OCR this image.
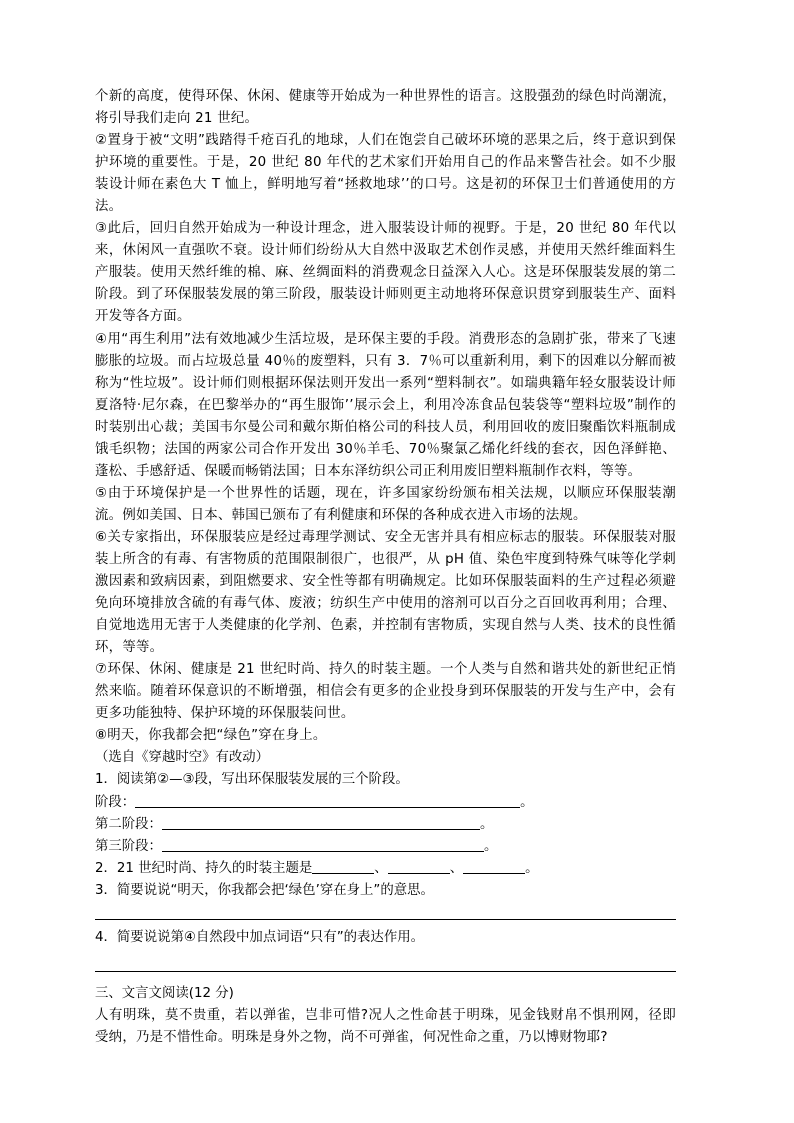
个新的高度，使得环保、休闲、健康等开始成为一种世界性的语言。这股强劲的绿色时尚潮流，将引导我们走向 21 世纪。

②置身于被“文明”践踏得千疮百孔的地球，人们在饱尝自己破坏环境的恶果之后，终于意识到保护环境的重要性。于是，20 世纪 80 年代的艺术家们开始用自己的作品来警告社会。如不少服装设计师在素色大 T 恤上，鲜明地写着“拯救地球’’的口号。这是初的环保卫士们普通使用的方法。

③此后，回归自然开始成为一种设计理念，进入服装设计师的视野。于是，20 世纪 80 年代以来，休闲风一直强吹不衰。设计师们纷纷从大自然中汲取艺术创作灵感，并使用天然纤维面料生产服装。使用天然纤维的棉、麻、丝绸面料的消费观念日益深入人心。这是环保服装发展的第二阶段。到了环保服装发展的第三阶段，服装设计师则更主动地将环保意识贯穿到服装生产、面料开发等各方面。

④用“再生利用”法有效地减少生活垃圾，是环保主要的手段。消费形态的急剧扩张，带来了飞速膨胀的垃圾。而占垃圾总量 40％的废塑料，只有 3．7％可以重新利用，剩下的因难以分解而被称为“性垃圾”。设计师们则根据环保法则开发出一系列“塑料制衣”。如瑞典籍年轻女服装设计师夏洛特·尼尔森，在巴黎举办的“再生服饰’’展示会上，利用冷冻食品包装袋等“塑料垃圾”制作的时装别出心裁；美国韦尔曼公司和戴尔斯伯格公司的科技人员，利用回收的废旧聚酯饮料瓶制成饿毛织物；法国的两家公司合作开发出 30％羊毛、70％聚氯乙烯化纤线的套衣，因色泽鲜艳、蓬松、手感舒适、保暖而畅销法国；日本东泽纺织公司正利用废旧塑料瓶制作衣料，等等。

⑤由于环境保护是一个世界性的话题，现在，许多国家纷纷颁布相关法规，以顺应环保服装潮流。例如美国、日本、韩国已颁布了有利健康和环保的各种成衣进入市场的法规。

⑥关专家指出，环保服装应是经过毒理学测试、安全无害并具有相应标志的服装。环保服装对服装上所含的有毒、有害物质的范围限制很广，也很严，从 pH 值、染色牢度到特殊气味等化学刺激因素和致病因素，到阻燃要求、安全性等都有明确规定。比如环保服装面料的生产过程必须避免向环境排放含硫的有毒气体、废液；纺织生产中使用的溶剂可以百分之百回收再利用；合理、自觉地选用无害于人类健康的化学剂、色素，并控制有害物质，实现自然与人类、技术的良性循环，等等。

⑦环保、休闲、健康是 21 世纪时尚、持久的时装主题。一个人类与自然和谐共处的新世纪正悄然来临。随着环保意识的不断增强，相信会有更多的企业投身到环保服装的开发与生产中，会有更多功能独特、保护环境的环保服装问世。

⑧明天，你我都会把“绿色”穿在身上。

（选自《穿越时空》有改动）

1．阅读第②—③段，写出环保服装发展的三个阶段。

阶段：	。

第二阶段：	。

第三阶段：	。

2．21 世纪时尚、持久的时装主题是	、	、	。

3．简要说说“明天，你我都会把‘绿色’穿在身上”的意思。

4．简要说说第④自然段中加点词语“只有”的表达作用。

三、文言文阅读(12 分)

人有明珠，莫不贵重，若以弹雀，岂非可惜?况人之性命甚于明珠，见金钱财帛不惧刑网，径即受纳，乃是不惜性命。明珠是身外之物，尚不可弹雀，何况性命之重，乃以博财物耶?
